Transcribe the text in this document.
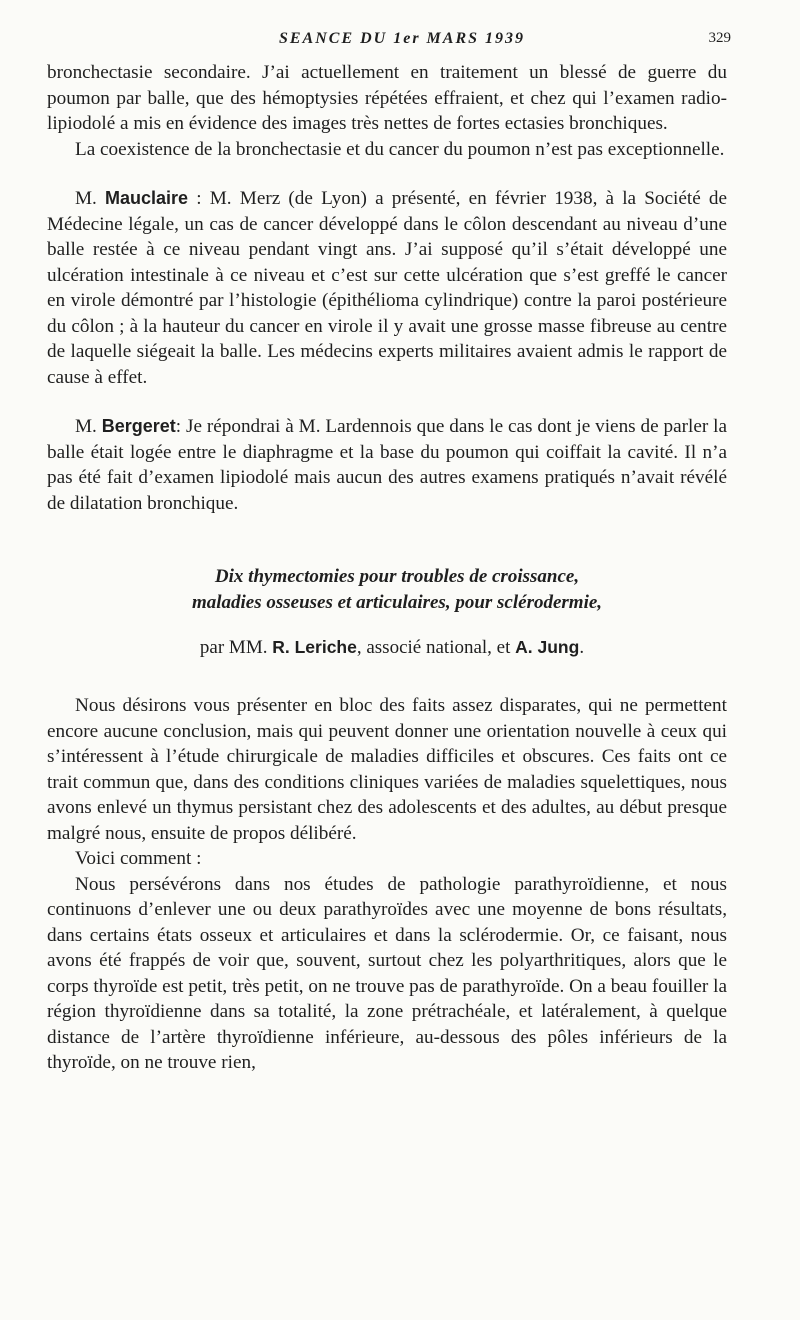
SEANCE DU 1er MARS 1939	329

bronchectasie secondaire. J’ai actuellement en traitement un blessé de guerre du poumon par balle, que des hémoptysies répétées effraient, et chez qui l’examen radio-lipiodolé a mis en évidence des images très nettes de fortes ectasies bronchiques.

La coexistence de la bronchectasie et du cancer du poumon n’est pas exceptionnelle.

M. Mauclaire : M. Merz (de Lyon) a présenté, en février 1938, à la Société de Médecine légale, un cas de cancer développé dans le côlon descendant au niveau d’une balle restée à ce niveau pendant vingt ans. J’ai supposé qu’il s’était développé une ulcération intestinale à ce niveau et c’est sur cette ulcération que s’est greffé le cancer en virole démontré par l’histologie (épithélioma cylindrique) contre la paroi postérieure du côlon ; à la hauteur du cancer en virole il y avait une grosse masse fibreuse au centre de laquelle siégeait la balle. Les médecins experts militaires avaient admis le rapport de cause à effet.

M. Bergeret: Je répondrai à M. Lardennois que dans le cas dont je viens de parler la balle était logée entre le diaphragme et la base du poumon qui coiffait la cavité. Il n’a pas été fait d’examen lipiodolé mais aucun des autres examens pratiqués n’avait révélé de dilatation bronchique.

Dix thymectomies pour troubles de croissance,

maladies osseuses et articulaires, pour sclérodermie,

par MM. R. Leriche, associé national, et A. Jung.

Nous désirons vous présenter en bloc des faits assez disparates, qui ne permettent encore aucune conclusion, mais qui peuvent donner une orientation nouvelle à ceux qui s’intéressent à l’étude chirurgicale de maladies difficiles et obscures. Ces faits ont ce trait commun que, dans des conditions cliniques variées de maladies squelettiques, nous avons enlevé un thymus persistant chez des adolescents et des adultes, au début presque malgré nous, ensuite de propos délibéré.

Voici comment :

Nous persévérons dans nos études de pathologie parathyroïdienne, et nous continuons d’enlever une ou deux parathyroïdes avec une moyenne de bons résultats, dans certains états osseux et articulaires et dans la sclérodermie. Or, ce faisant, nous avons été frappés de voir que, souvent, surtout chez les polyarthritiques, alors que le corps thyroïde est petit, très petit, on ne trouve pas de parathyroïde. On a beau fouiller la région thyroïdienne dans sa totalité, la zone prétrachéale, et latéralement, à quelque distance de l’artère thyroïdienne inférieure, au-dessous des pôles inférieurs de la thyroïde, on ne trouve rien,
